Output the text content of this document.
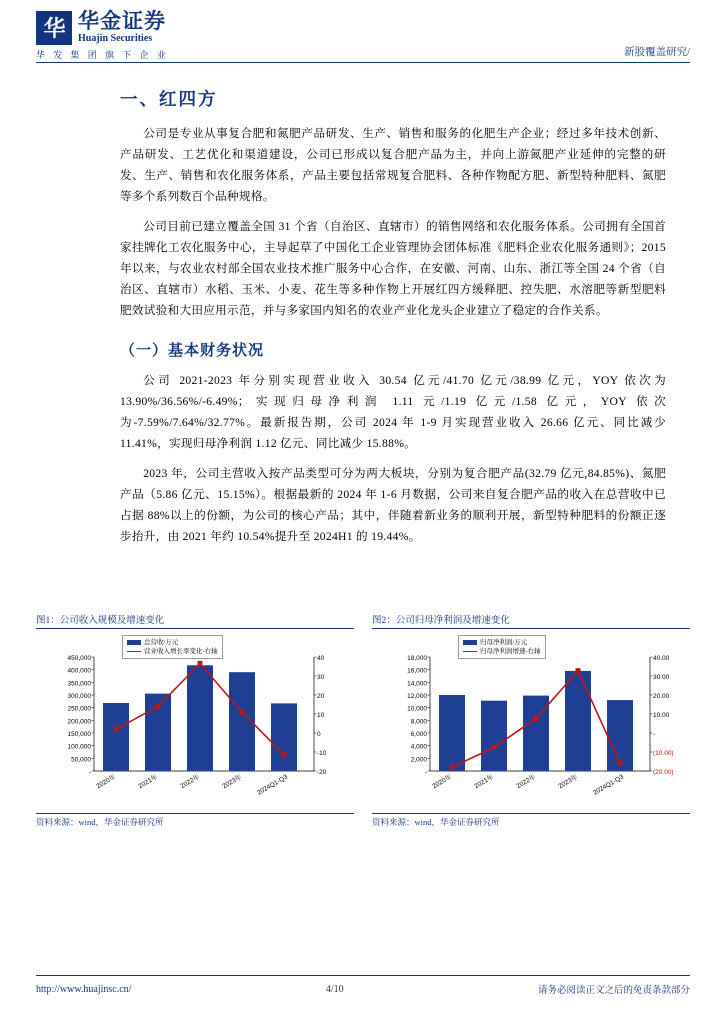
华 华金证券
Huajin Securities
华 发 集 团 旗 下 企 业	新股覆盖研究/
一、红四方

公司是专业从事复合肥和氮肥产品研发、生产、销售和服务的化肥生产企业；经过多年技术创新、产品研发、工艺优化和渠道建设，公司已形成以复合肥产品为主，并向上游氮肥产业延伸的完整的研发、生产、销售和农化服务体系，产品主要包括常规复合肥料、各种作物配方肥、新型特种肥料、氮肥等多个系列数百个品种规格。

公司目前已建立覆盖全国 31 个省（自治区、直辖市）的销售网络和农化服务体系。公司拥有全国首家挂牌化工农化服务中心，主导起草了中国化工企业管理协会团体标准《肥料企业农化服务通则》；2015 年以来，与农业农村部全国农业技术推广服务中心合作，在安徽、河南、山东、浙江等全国 24 个省（自治区、直辖市）水稻、玉米、小麦、花生等多种作物上开展红四方缓释肥、控失肥、水溶肥等新型肥料肥效试验和大田应用示范，并与多家国内知名的农业产业化龙头企业建立了稳定的合作关系。

（一）基本财务状况

公司 2021-2023 年分别实现营业收入 30.54 亿元/41.70 亿元/38.99 亿元，YOY 依次为 13.90%/36.56%/-6.49%；实现归母净利润 1.11 元/1.19 亿元/1.58 亿元，YOY 依次为-7.59%/7.64%/32.77%。最新报告期，公司 2024 年 1-9 月实现营业收入 26.66 亿元、同比减少 11.41%，实现归母净利润 1.12 亿元、同比减少 15.88%。

2023 年，公司主营收入按产品类型可分为两大板块，分别为复合肥产品(32.79 亿元,84.85%)、氮肥产品（5.86 亿元、15.15%）。根据最新的 2024 年 1-6 月数据，公司来自复合肥产品的收入在总营收中已占据 88%以上的份额，为公司的核心产品；其中，伴随着新业务的顺利开展，新型特种肥料的份额正逐步抬升，由 2021 年约 10.54%提升至 2024H1 的 19.44%。

图1：公司收入规模及增速变化
总营收/万元
营业收入增长率变化-右轴
-
50,000
100,000
150,000
200,000
250,000
300,000
350,000
400,000
450,000
-20
-10
0
10
20
30
40
2020年	2021年	2022年	2023年 2024Q1-Q3
资料来源：wind，华金证券研究所
图2：公司归母净利润及增速变化
归母净利润/万元
归母净利润增速-右轴
-
2,000
4,000
6,000
8,000
10,000
12,000
14,000
16,000
18,000
(20.00)
(10.00)
-
10.00
20.00
30.00
40.00
2020年	2021年	2022年	2023年 2024Q1-Q3
资料来源：wind，华金证券研究所
http://www.huajinsc.cn/	4/10	请务必阅读正文之后的免责条款部分
